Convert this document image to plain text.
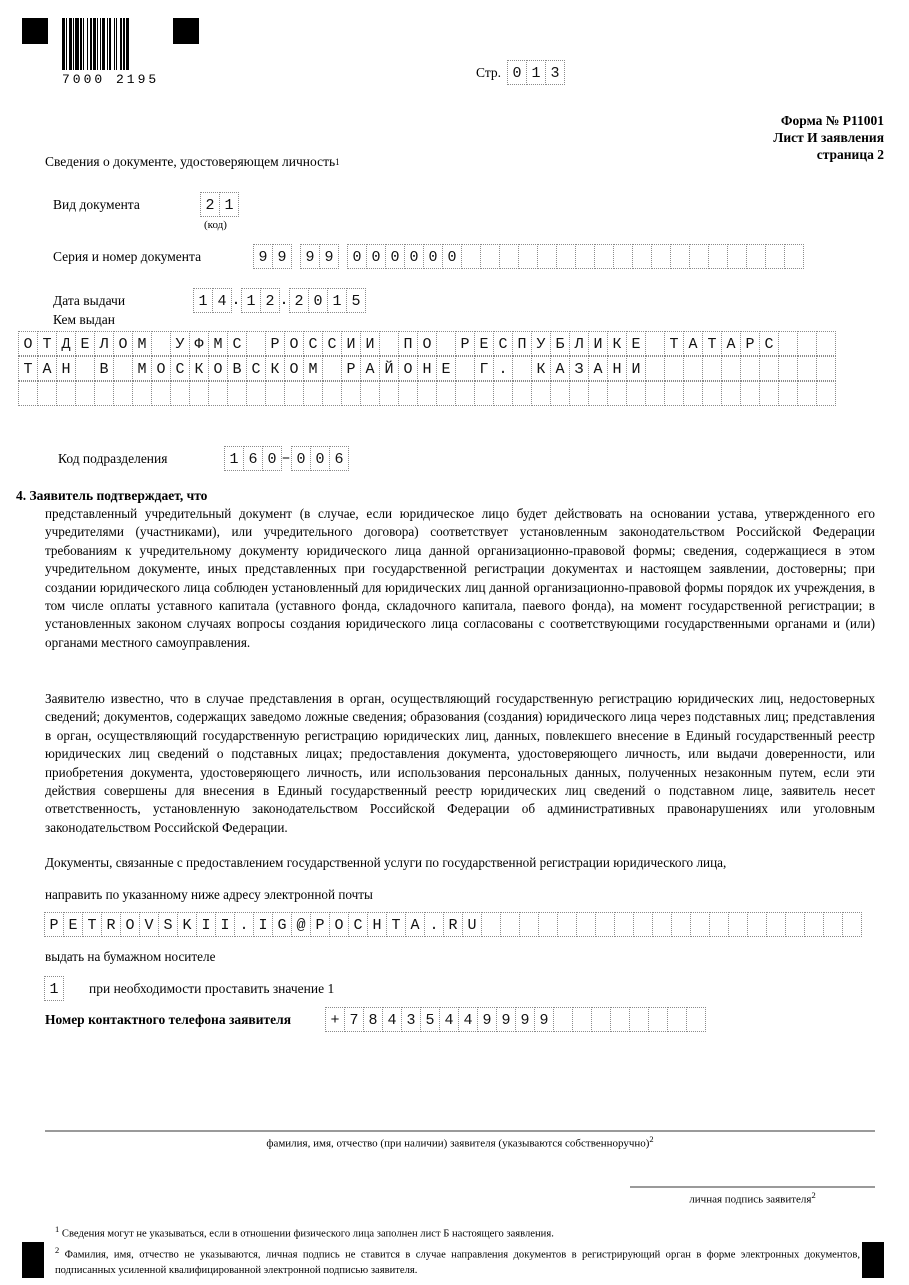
7000 2195	Стр. 0 1 3
Форма № Р11001
Лист И заявления
страница 2
Сведения о документе, удостоверяющем личность 1
Вид документа	2 1
(код)
Серия и номер документа	9 9	9 9	0 0 0 0 0 0
Дата выдачи	1 4 . 1 2 . 2 0 1 5
Кем выдан
О Т Д Е Л О М	У Ф М С	Р О С С И И	П О	Р Е С П У Б Л И К Е	Т А Т А Р С
Т А Н	В	М О С К О В С К О М	Р А Й О Н Е	Г .	К А З А Н И
Код подразделения	1 6 0 – 0 0 6
4. Заявитель подтверждает, что
представленный учредительный документ (в случае, если юридическое лицо будет действовать на основании устава, утвержденного его учредителями (участниками), или учредительного договора) соответствует установленным законодательством Российской Федерации требованиям к учредительному документу юридического лица данной организационно-правовой формы; сведения, содержащиеся в этом учредительном документе, иных представленных при государственной регистрации документах и настоящем заявлении, достоверны; при создании юридического лица соблюден установленный для юридических лиц данной организационно-правовой формы порядок их учреждения, в том числе оплаты уставного капитала (уставного фонда, складочного капитала, паевого фонда), на момент государственной регистрации; в установленных законом случаях вопросы создания юридического лица согласованы с соответствующими государственными органами и (или) органами местного самоуправления.
Заявителю известно, что в случае представления в орган, осуществляющий государственную регистрацию юридических лиц, недостоверных сведений; документов, содержащих заведомо ложные сведения; образования (создания) юридического лица через подставных лиц; представления в орган, осуществляющий государственную регистрацию юридических лиц, данных, повлекшего внесение в Единый государственный реестр юридических лиц сведений о подставных лицах; предоставления документа, удостоверяющего личность, или выдачи доверенности, или приобретения документа, удостоверяющего личность, или использования персональных данных, полученных незаконным путем, если эти действия совершены для внесения в Единый государственный реестр юридических лиц сведений о подставном лице, заявитель несет ответственность, установленную законодательством Российской Федерации об административных правонарушениях или уголовным законодательством Российской Федерации.
Документы, связанные с предоставлением государственной услуги по государственной регистрации юридического лица,
направить по указанному ниже адресу электронной почты
P E T R O V S K I I . I G @ P O C H T A . R U
выдать на бумажном носителе
1	при необходимости проставить значение 1
Номер контактного телефона заявителя	+ 7 8 4 3 5 4 4 9 9 9 9
фамилия, имя, отчество (при наличии) заявителя (указываются собственноручно)$^2$
личная подпись заявителя$^2$
$^1$ Сведения могут не указываться, если в отношении физического лица заполнен лист Б настоящего заявления.
$^2$ Фамилия, имя, отчество не указываются, личная подпись не ставится в случае направления документов в регистрирующий орган в форме электронных документов, подписанных усиленной квалифицированной электронной подписью заявителя.
